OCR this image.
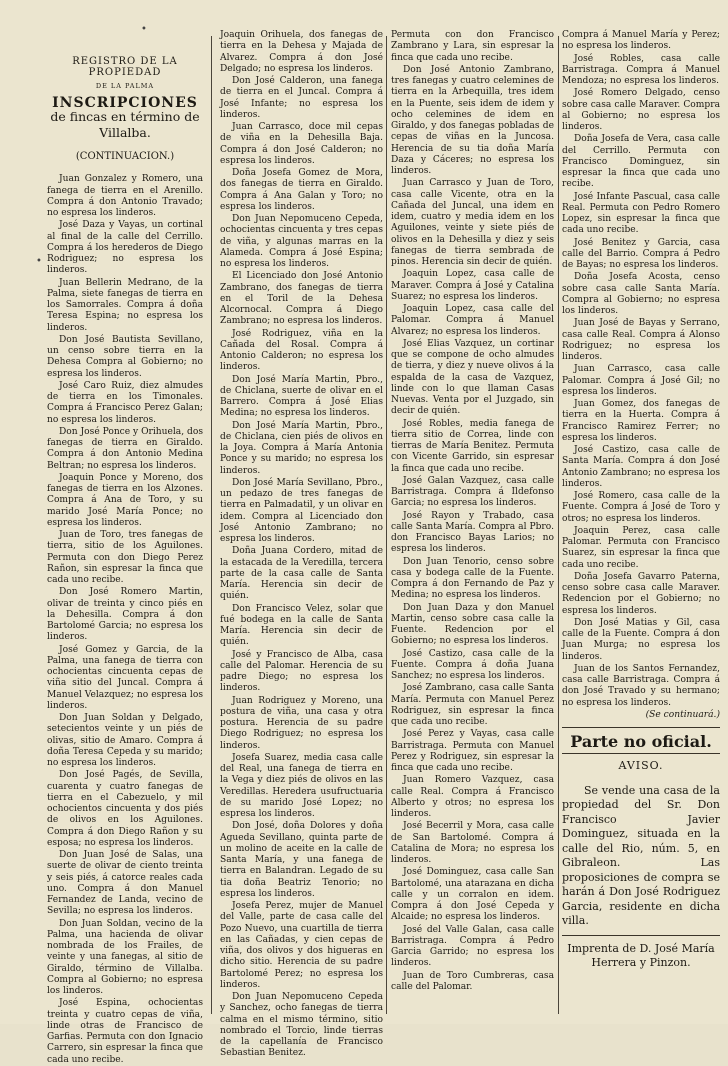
•
•
REGISTRO DE LA PROPIEDAD
DE LA PALMA
INSCRIPCIONES
de fincas en término de Villalba.
(CONTINUACION.)

Juan Gonzalez y Romero, una fanega de tierra en el Arenillo. Compra á don Antonio Travado; no espresa los linderos.

José Daza y Vayas, un cortinal al final de la calle del Cerrillo. Compra á los herederos de Diego Rodriguez; no espresa los linderos.

Juan Bellerin Medrano, de la Palma, siete fanegas de tierra en los Samorrales. Compra á doña Teresa Espina; no espresa los linderos.

Don José Bautista Sevillano, un censo sobre tierra en la Dehesa Compra al Gobierno; no espresa los linderos.

José Caro Ruiz, diez almudes de tierra en los Timonales. Compra á Francisco Perez Galan; no espresa los linderos.

Don José Ponce y Orihuela, dos fanegas de tierra en Giraldo. Compra á don Antonio Medina Beltran; no espresa los linderos.

Joaquin Ponce y Moreno, dos fanegas de tierra en los Alzones. Compra á Ana de Toro, y su marido José María Ponce; no espresa los linderos.

Juan de Toro, tres fanegas de tierra, sitio de los Aguilones. Permuta con don Diego Perez Rañon, sin espresar la finca que cada uno recibe.

Don José Romero Martin, olivar de treinta y cinco piés en la Dehesilla. Compra á don Bartolomé Garcia; no espresa los linderos.

José Gomez y Garcia, de la Palma, una fanega de tierra con ochocientas cincuenta cepas de viña sitio del Juncal. Compra á Manuel Velazquez; no espresa los linderos.

Don Juan Soldan y Delgado, setecientos veinte y un piés de olivas, sitio de Amaro. Compra á doña Teresa Cepeda y su marido; no espresa los linderos.

Don José Pagés, de Sevilla, cuarenta y cuatro fanegas de tierra en el Cabezuelo, y mil ochocientos cincuenta y dos piés de olivos en los Aguilones. Compra á don Diego Rañon y su esposa; no espresa los linderos.

Don Juan José de Salas, una suerte de olivar de ciento treinta y seis piés, á catorce reales cada uno. Compra á don Manuel Fernandez de Landa, vecino de Sevilla; no espresa los linderos.

Don Juan Soldan, vecino de la Palma, una hacienda de olivar nombrada de los Frailes, de veinte y una fanegas, al sitio de Giraldo, término de Villalba. Compra al Gobierno; no espresa los linderos.

José Espina, ochocientas treinta y cuatro cepas de viña, linde otras de Francisco de Garfias. Permuta con don Ignacio Carrero, sin espresar la finca que cada uno recibe.

Joaquin Orihuela, dos fanegas de tierra en la Dehesa y Majada de Alvarez. Compra á don José Delgado; no espresa los linderos.

Don José Calderon, una fanega de tierra en el Juncal. Compra á José Infante; no espresa los linderos.

Juan Carrasco, doce mil cepas de viña en la Dehesilla Baja. Compra á don José Calderon; no espresa los linderos.

Doña Josefa Gomez de Mora, dos fanegas de tierra en Giraldo. Compra á Ana Galan y Toro; no espresa los linderos.

Don Juan Nepomuceno Cepeda, ochocientas cincuenta y tres cepas de viña, y algunas marras en la Alameda. Compra á José Espina; no espresa los linderos.

El Licenciado don José Antonio Zambrano, dos fanegas de tierra en el Toril de la Dehesa Alcornocal. Compra á Diego Zambrano; no espresa los linderos.

José Rodriguez, viña en la Cañada del Rosal. Compra á Antonio Calderon; no espresa los linderos.

Don José María Martin, Pbro., de Chiclana, suerte de olivar en el Barrero. Compra á José Elias Medina; no espresa los linderos.

Don José María Martin, Pbro., de Chiclana, cien piés de olivos en la Joya. Compra á María Antonia Ponce y su marido; no espresa los linderos.

Don José María Sevillano, Pbro., un pedazo de tres fanegas de tierra en Palmadatil, y un olivar en idem. Compra al Licenciado don José Antonio Zambrano; no espresa los linderos.

Doña Juana Cordero, mitad de la estacada de la Veredilla, tercera parte de la casa calle de Santa María. Herencia sin decir de quién.

Don Francisco Velez, solar que fué bodega en la calle de Santa María. Herencia sin decir de quién.

José y Francisco de Alba, casa calle del Palomar. Herencia de su padre Diego; no espresa los linderos.

Juan Rodriguez y Moreno, una postura de viña, una casa y otra postura. Herencia de su padre Diego Rodriguez; no espresa los linderos.

Josefa Suarez, media casa calle del Real, una fanega de tierra en la Vega y diez piés de olivos en las Veredillas. Heredera usufructuaria de su marido José Lopez; no espresa los linderos.

Don José, doña Dolores y doña Agueda Sevillano, quinta parte de un molino de aceite en la calle de Santa María, y una fanega de tierra en Balandran. Legado de su tia doña Beatriz Tenorio; no espresa los linderos.

Josefa Perez, mujer de Manuel del Valle, parte de casa calle del Pozo Nuevo, una cuartilla de tierra en las Cañadas, y cien cepas de viña, dos olivos y dos higueras en dicho sitio. Herencia de su padre Bartolomé Perez; no espresa los linderos.

Don Juan Nepomuceno Cepeda y Sanchez, ocho fanegas de tierra calma en el mismo término, sitio nombrado el Torcio, linde tierras de la capellanía de Francisco Sebastian Benitez.

Permuta con don Francisco Zambrano y Lara, sin espresar la finca que cada uno recibe.

Don José Antonio Zambrano, tres fanegas y cuatro celemines de tierra en la Arbequilla, tres idem en la Puente, seis idem de idem y ocho celemines de idem en Giraldo, y dos fanegas pobladas de cepas de viñas en la Juncosa. Herencia de su tia doña María Daza y Cáceres; no espresa los linderos.

Juan Carrasco y Juan de Toro, casa calle Vicente, otra en la Cañada del Juncal, una idem en idem, cuatro y media idem en los Aguilones, veinte y siete piés de olivos en la Dehesilla y diez y seis fanegas de tierra sembrada de pinos. Herencia sin decir de quién.

Joaquin Lopez, casa calle de Maraver. Compra á José y Catalina Suarez; no espresa los linderos.

Joaquin Lopez, casa calle del Palomar. Compra á Manuel Alvarez; no espresa los linderos.

José Elias Vazquez, un cortinar que se compone de ocho almudes de tierra, y diez y nueve olivos á la espalda de la casa de Vazquez, linde con lo que llaman Casas Nuevas. Venta por el Juzgado, sin decir de quién.

José Robles, media fanega de tierra sitio de Correa, linde con tierras de María Benitez. Permuta con Vicente Garrido, sin espresar la finca que cada uno recibe.

José Galan Vazquez, casa calle Barristraga. Compra á Ildefonso Garcia; no espresa los linderos.

José Rayon y Trabado, casa calle Santa María. Compra al Pbro. don Francisco Bayas Larios; no espresa los linderos.

Don Juan Tenorio, censo sobre casa y bodega calle de la Fuente. Compra á don Fernando de Paz y Medina; no espresa los linderos.

Don Juan Daza y don Manuel Martin, censo sobre casa calle la Fuente. Redencion por el Gobierno; no espresa los linderos.

José Castizo, casa calle de la Fuente. Compra á doña Juana Sanchez; no espresa los linderos.

José Zambrano, casa calle Santa María. Permuta con Manuel Perez Rodriguez, sin espresar la finca que cada uno recibe.

José Perez y Vayas, casa calle Barristraga. Permuta con Manuel Perez y Rodriguez, sin espresar la finca que cada uno recibe.

Juan Romero Vazquez, casa calle Real. Compra á Francisco Alberto y otros; no espresa los linderos.

José Becerril y Mora, casa calle de San Bartolomé. Compra á Catalina de Mora; no espresa los linderos.

José Dominguez, casa calle San Bartolomé, una atarazana en dicha calle y un corralon en idem. Compra á don José Cepeda y Alcaide; no espresa los linderos.

José del Valle Galan, casa calle Barristraga. Compra á Pedro Garcia Garrido; no espresa los linderos.

Juan de Toro Cumbreras, casa calle del Palomar.

Compra á Manuel María y Perez; no espresa los linderos.

José Robles, casa calle Barristraga. Compra á Manuel Mendoza; no espresa los linderos.

José Romero Delgado, censo sobre casa calle Maraver. Compra al Gobierno; no espresa los linderos.

Doña Josefa de Vera, casa calle del Cerrillo. Permuta con Francisco Dominguez, sin espresar la finca que cada uno recibe.

José Infante Pascual, casa calle Real. Permuta con Pedro Romero Lopez, sin espresar la finca que cada uno recibe.

José Benitez y Garcia, casa calle del Barrio. Compra á Pedro de Bayas; no espresa los linderos.

Doña Josefa Acosta, censo sobre casa calle Santa María. Compra al Gobierno; no espresa los linderos.

Juan José de Bayas y Serrano, casa calle Real. Compra á Alonso Rodriguez; no espresa los linderos.

Juan Carrasco, casa calle Palomar. Compra á José Gil; no espresa los linderos.

Juan Gomez, dos fanegas de tierra en la Huerta. Compra á Francisco Ramirez Ferrer; no espresa los linderos.

José Castizo, casa calle de Santa María. Compra á don José Antonio Zambrano; no espresa los linderos.

José Romero, casa calle de la Fuente. Compra á José de Toro y otros; no espresa los linderos.

Joaquin Perez, casa calle Palomar. Permuta con Francisco Suarez, sin espresar la finca que cada uno recibe.

Doña Josefa Gavarro Paterna, censo sobre casa calle Maraver. Redencion por el Gobierno; no espresa los linderos.

Don José Matias y Gil, casa calle de la Fuente. Compra á don Juan Murga; no espresa los linderos.

Juan de los Santos Fernandez, casa calle Barristraga. Compra á don José Travado y su hermano; no espresa los linderos.

(Se continuará.)
Parte no oficial.
AVISO.
Se vende una casa de la propiedad del Sr. Don Francisco Javier Dominguez, situada en la calle del Rio, núm. 5, en Gibraleon. Las proposiciones de compra se harán á Don José Rodriguez Garcia, residente en dicha villa.
Imprenta de D. José María Herrera y Pinzon.
